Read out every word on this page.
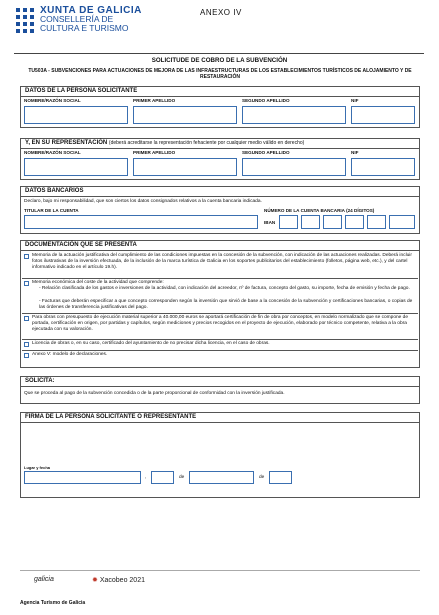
XUNTA DE GALICIA
CONSELLERÍA DE
CULTURA E TURISMO
ANEXO IV
SOLICITUDE DE COBRO DE LA SUBVENCIÓN
TU503A - SUBVENCIONES PARA ACTUACIONES DE MEJORA DE LAS INFRAESTRUCTURAS DE LOS ESTABLECIMIENTOS TURÍSTICOS DE ALOJAMIENTO Y DE RESTAURACIÓN
DATOS DE LA PERSONA SOLICITANTE
NOMBRE/RAZÓN SOCIAL	PRIMER APELLIDO	SEGUNDO APELLIDO	NIF
Y, EN SU REPRESENTACIÓN (deberá acreditarse la representación fehaciente por cualquier medio válido en derecho)
NOMBRE/RAZÓN SOCIAL	PRIMER APELLIDO	SEGUNDO APELLIDO	NIF
DATOS BANCARIOS
Declaro, bajo mi responsabilidad, que son ciertos los datos consignados relativos a la cuenta bancaria indicada.
TITULAR DE LA CUENTA	NÚMERO DE LA CUENTA BANCARIA (24 DÍGITOS)
IBAN
DOCUMENTACIÓN QUE SE PRESENTA
Memoria de la actuación justificativa del cumplimiento de las condiciones impuestas en la concesión de la subvención, con indicación de las actuaciones realizadas. Deberá incluir fotos ilustrativas de la inversión efectuada, de la inclusión de la marca turística de Galicia en los soportes publicitarios del establecimiento (folletos, página web, etc.), y del cartel informativo indicado en el artículo 19.h).
Memoria económica del coste de la actividad que comprende:
- Relación clasificada de los gastos e inversiones de la actividad, con indicación del acreedor, nº de factura, concepto del gasto, su importe, fecha de emisión y fecha de pago.
- Facturas que deberán especificar a que concepto corresponden según la inversión que sirvió de base a la concesión de la subvención y certificaciones bancarias, o copias de las órdenes de transferencia justificativas del pago.
Para obras con presupuesto de ejecución material superior a 40.000,00 euros se aportará certificación de fin de obra por conceptos, en modelo normalizado que se compone de portada, certificación en origen, por partidas y capítulos, según mediciones y precios recogidos en el proyecto de ejecución, elaborado por técnico competente, relativa a la obra ejecutada con su valoración.
Licencia de obras o, en su caso, certificado del ayuntamiento de no precisar dicha licencia, en el caso de obras.
Anexo V: modelo de declaraciones.
SOLICITA:
Que se proceda al pago de la subvención concedida o de la parte proporcional de conformidad con la inversión justificada.
FIRMA DE LA PERSONA SOLICITANTE O REPRESENTANTE
Lugar y fecha
,	de	de
galicia	✹ Xacobeo 2021
Agencia Turismo de Galicia
